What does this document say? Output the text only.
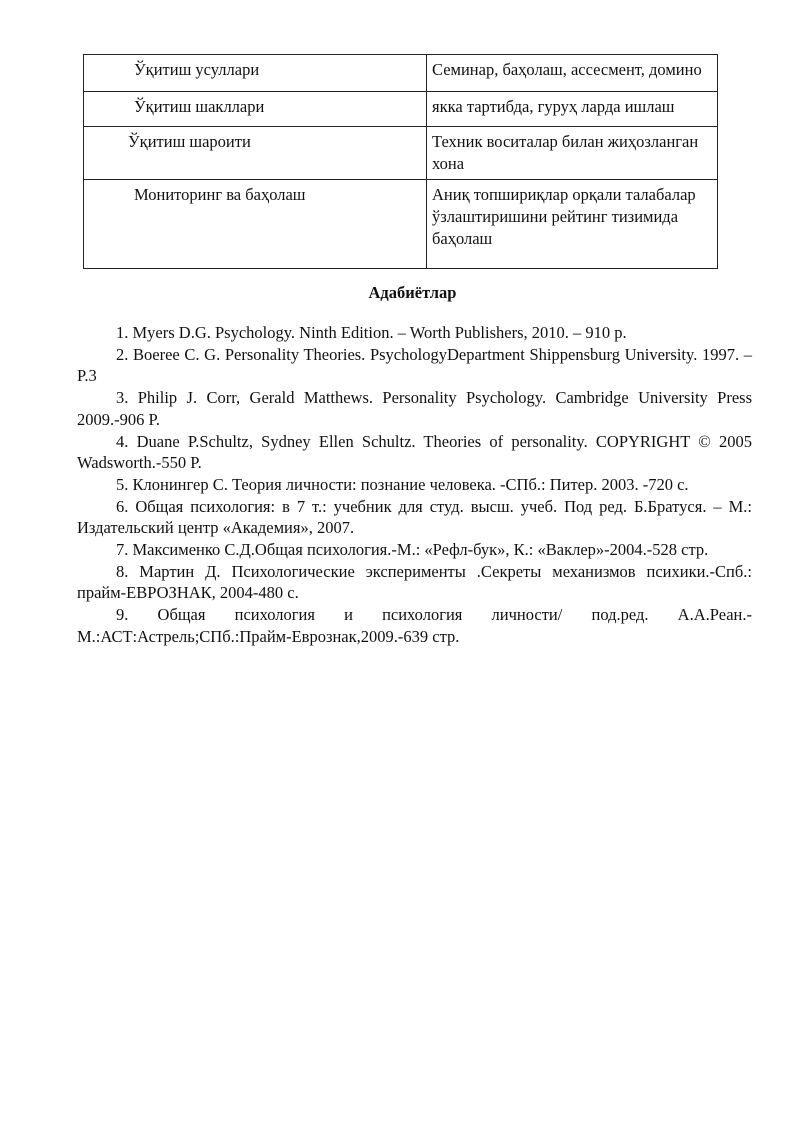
Ўқитиш усуллари	Семинар, баҳолаш, ассесмент, домино
Ўқитиш шакллари	якка тартибда, гуруҳ ларда ишлаш
Ўқитиш шароити	Техник воситалар билан жиҳозланган хона
Мониторинг ва баҳолаш	Аниқ топшириқлар орқали талабалар ўзлаштиришини рейтинг тизимида баҳолаш
Адабиётлар

1. Myers D.G. Psychology. Ninth Edition. – Worth Publishers, 2010. – 910 p.

2. Boeree C. G. Personality Theories. PsychologyDepartment Shippensburg University. 1997. – P.3

3. Philip J. Corr, Gerald Matthews. Personality Psychology. Cambridge University Press 2009.-906 P.

4. Duane P.Schultz, Sydney Ellen Schultz. Theories of personality. COPYRIGHT © 2005 Wadsworth.-550 P.

5. Клонингер С. Теория личности: познание человека. -СПб.: Питер. 2003. -720 с.

6. Общая психология: в 7 т.: учебник для студ. высш. учеб. Под ред. Б.Братуся. – М.: Издательский центр «Академия», 2007.

7. Максименко С.Д.Общая психология.-М.: «Рефл-бук», К.: «Ваклер»-2004.-528 стр.

8. Мартин Д. Психологические эксперименты .Секреты механизмов психики.-Спб.: прайм-ЕВРОЗНАК, 2004-480 с.

9. Общая психология и психология личности/ под.ред. А.А.Реан.-М.:АСТ:Астрель;СПб.:Прайм-Еврознак,2009.-639 стр.
